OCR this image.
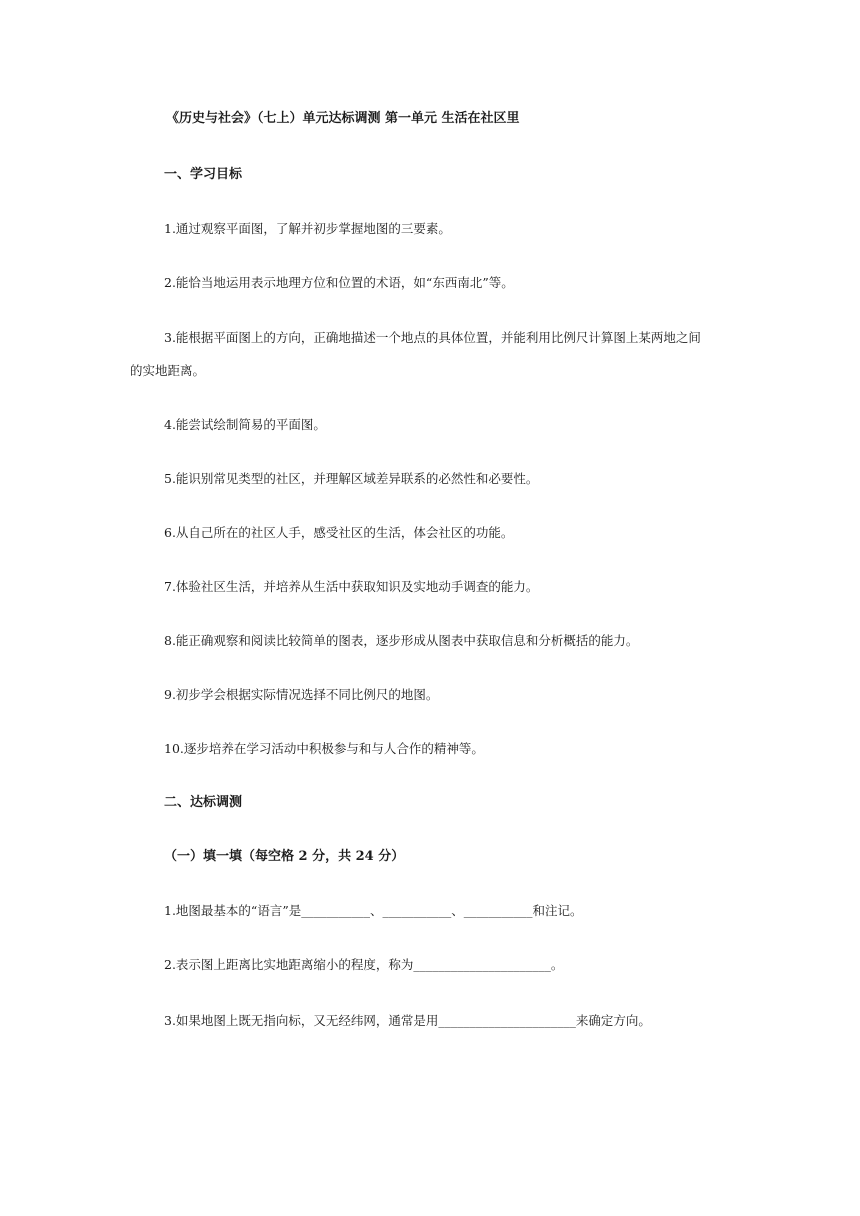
《历史与社会》（七上）单元达标调测 第一单元 生活在社区里
一、学习目标
1.通过观察平面图，了解并初步掌握地图的三要素。
2.能恰当地运用表示地理方位和位置的术语，如“东西南北”等。
3.能根据平面图上的方向，正确地描述一个地点的具体位置，并能利用比例尺计算图上某两地之间
的实地距离。
4.能尝试绘制简易的平面图。
5.能识别常见类型的社区，并理解区域差异联系的必然性和必要性。
6.从自己所在的社区人手，感受社区的生活，体会社区的功能。
7.体验社区生活，并培养从生活中获取知识及实地动手调查的能力。
8.能正确观察和阅读比较简单的图表，逐步形成从图表中获取信息和分析概括的能力。
9.初步学会根据实际情况选择不同比例尺的地图。
10.逐步培养在学习活动中积极参与和与人合作的精神等。
二、达标调测
（一）填一填（每空格 2 分，共 24 分）
1.地图最基本的“语言”是___________、___________、___________和注记。
2.表示图上距离比实地距离缩小的程度，称为______________________。
3.如果地图上既无指向标，又无经纬网，通常是用______________________来确定方向。
